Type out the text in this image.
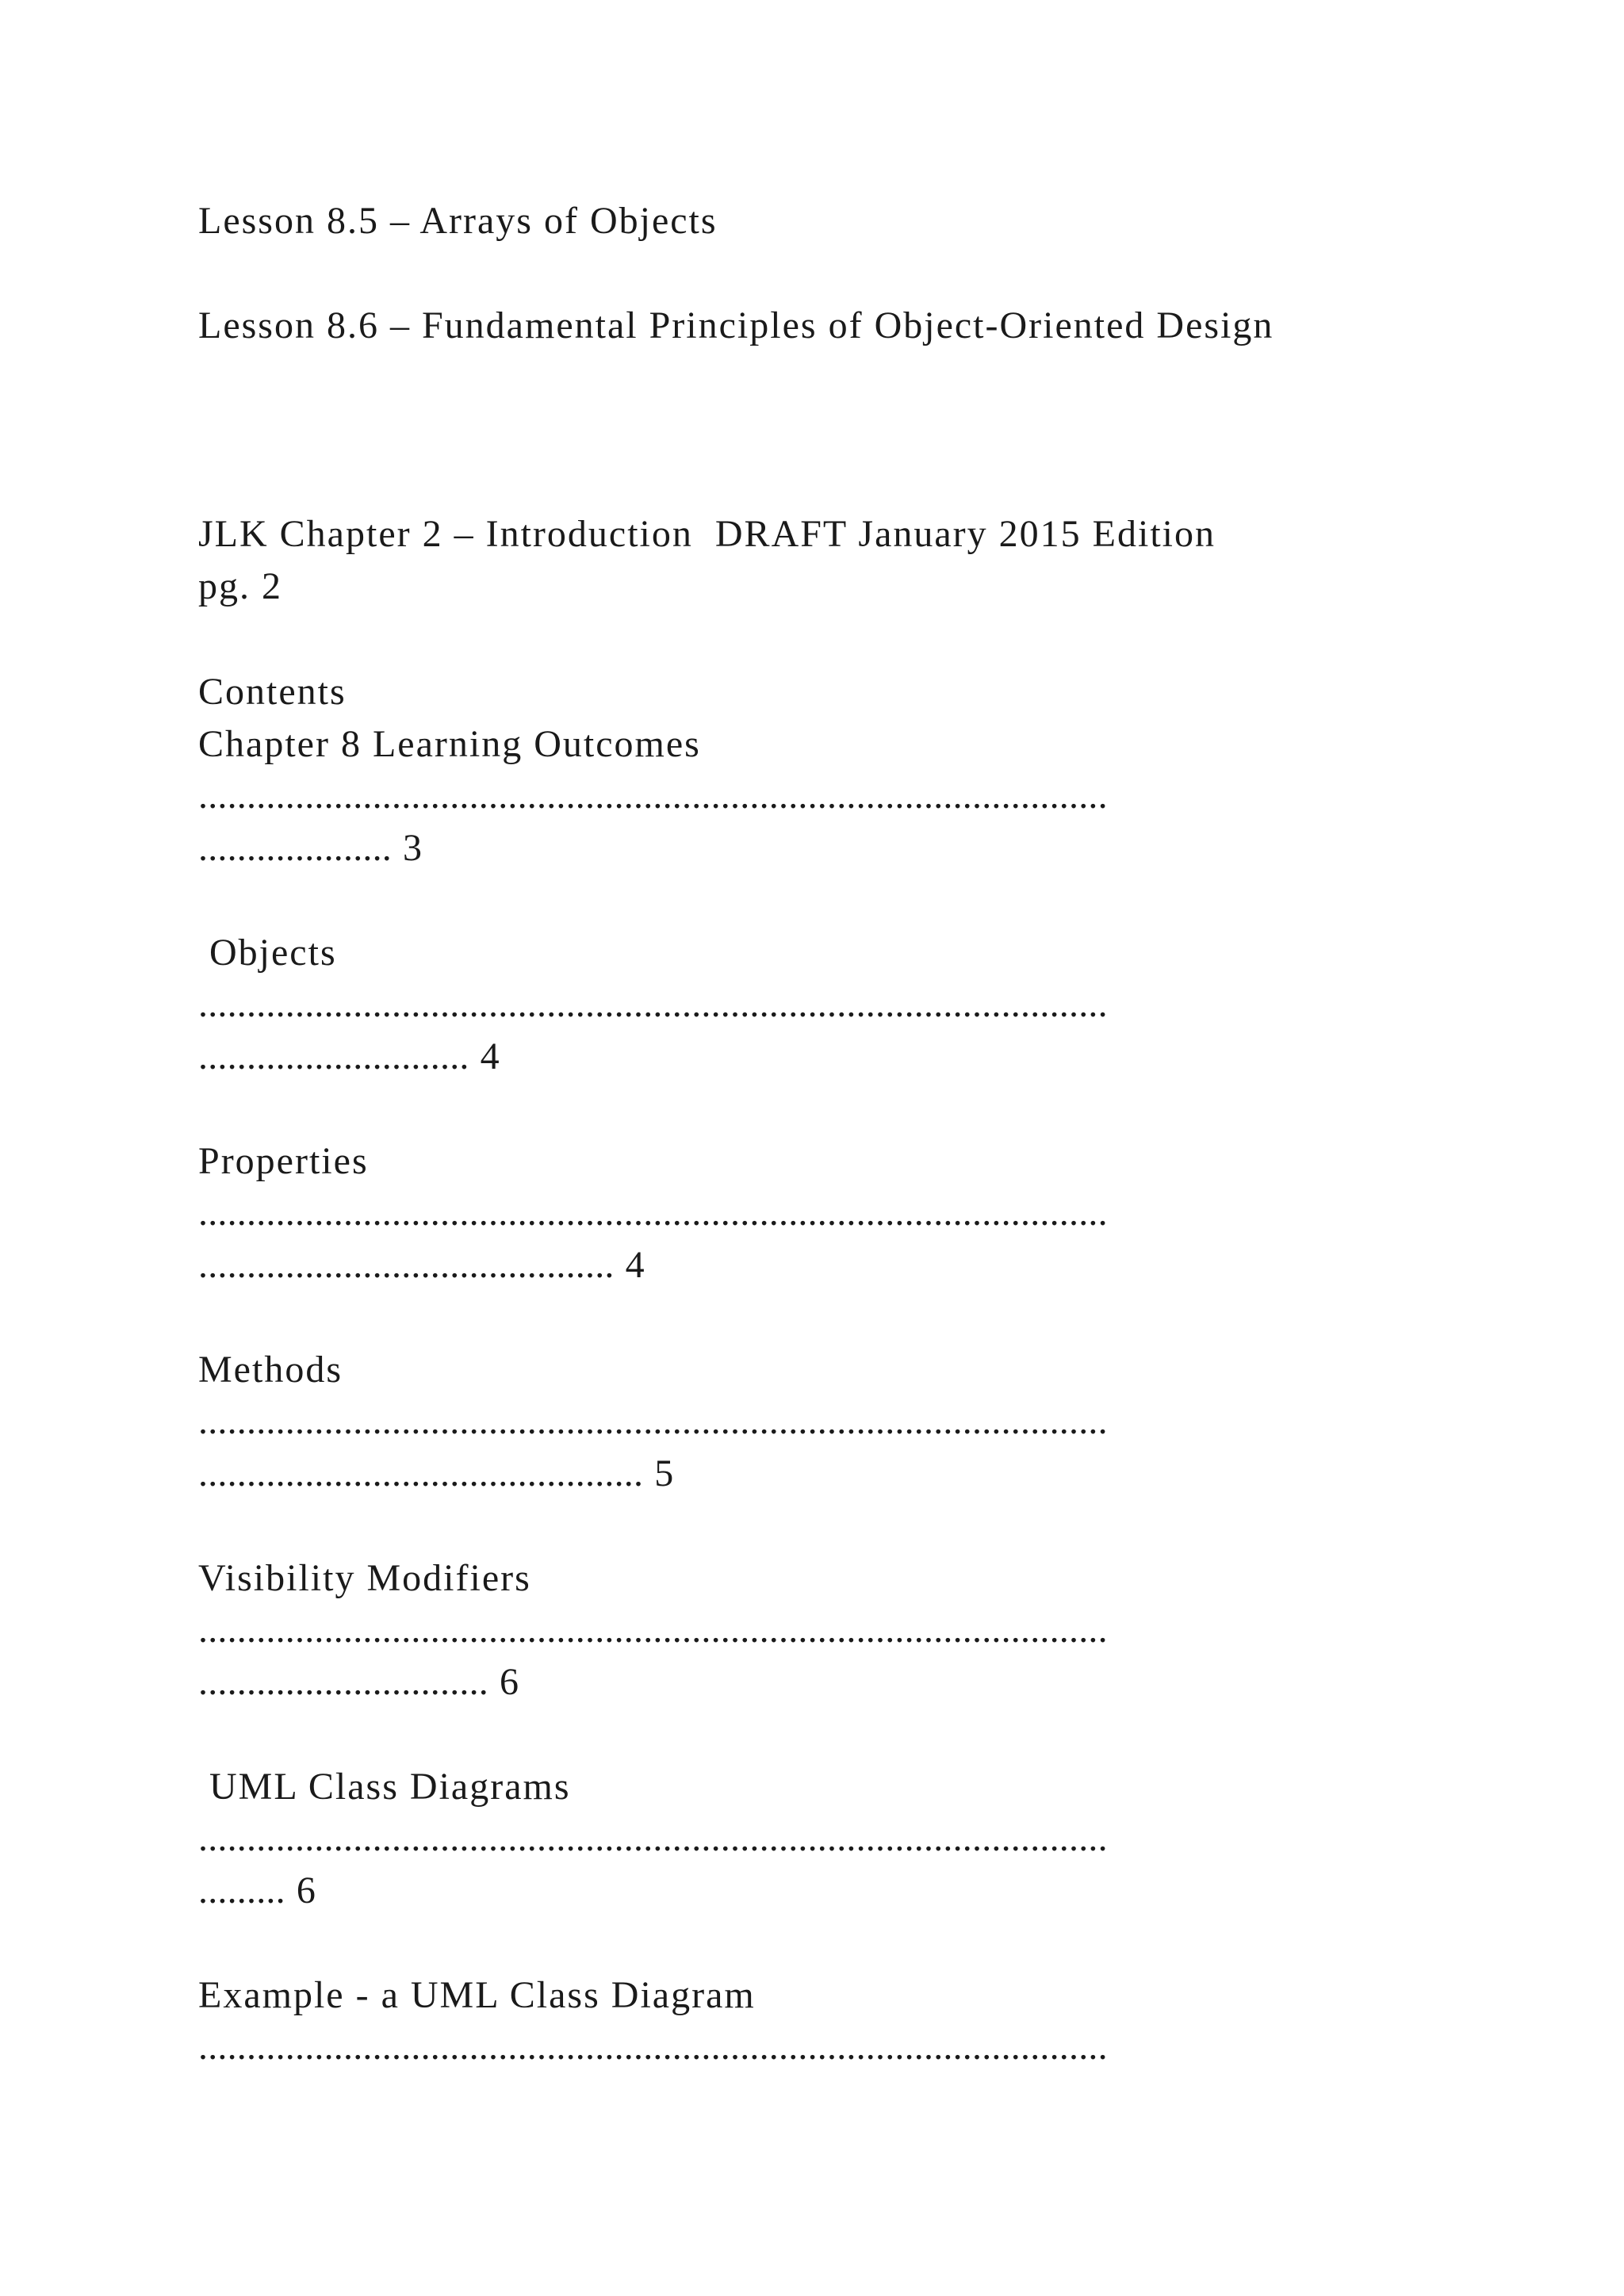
Lesson 8.5 – Arrays of Objects
Lesson 8.6 – Fundamental Principles of Object-Oriented Design
JLK Chapter 2 – Introduction  DRAFT January 2015 Edition
pg. 2
Contents
Chapter 8 Learning Outcomes
..............................................................................................
.................... 3
Objects
..............................................................................................
............................ 4
Properties
..............................................................................................
........................................... 4
Methods
..............................................................................................
.............................................. 5
Visibility Modifiers
..............................................................................................
.............................. 6
UML Class Diagrams
..............................................................................................
......... 6
Example - a UML Class Diagram
..............................................................................................
